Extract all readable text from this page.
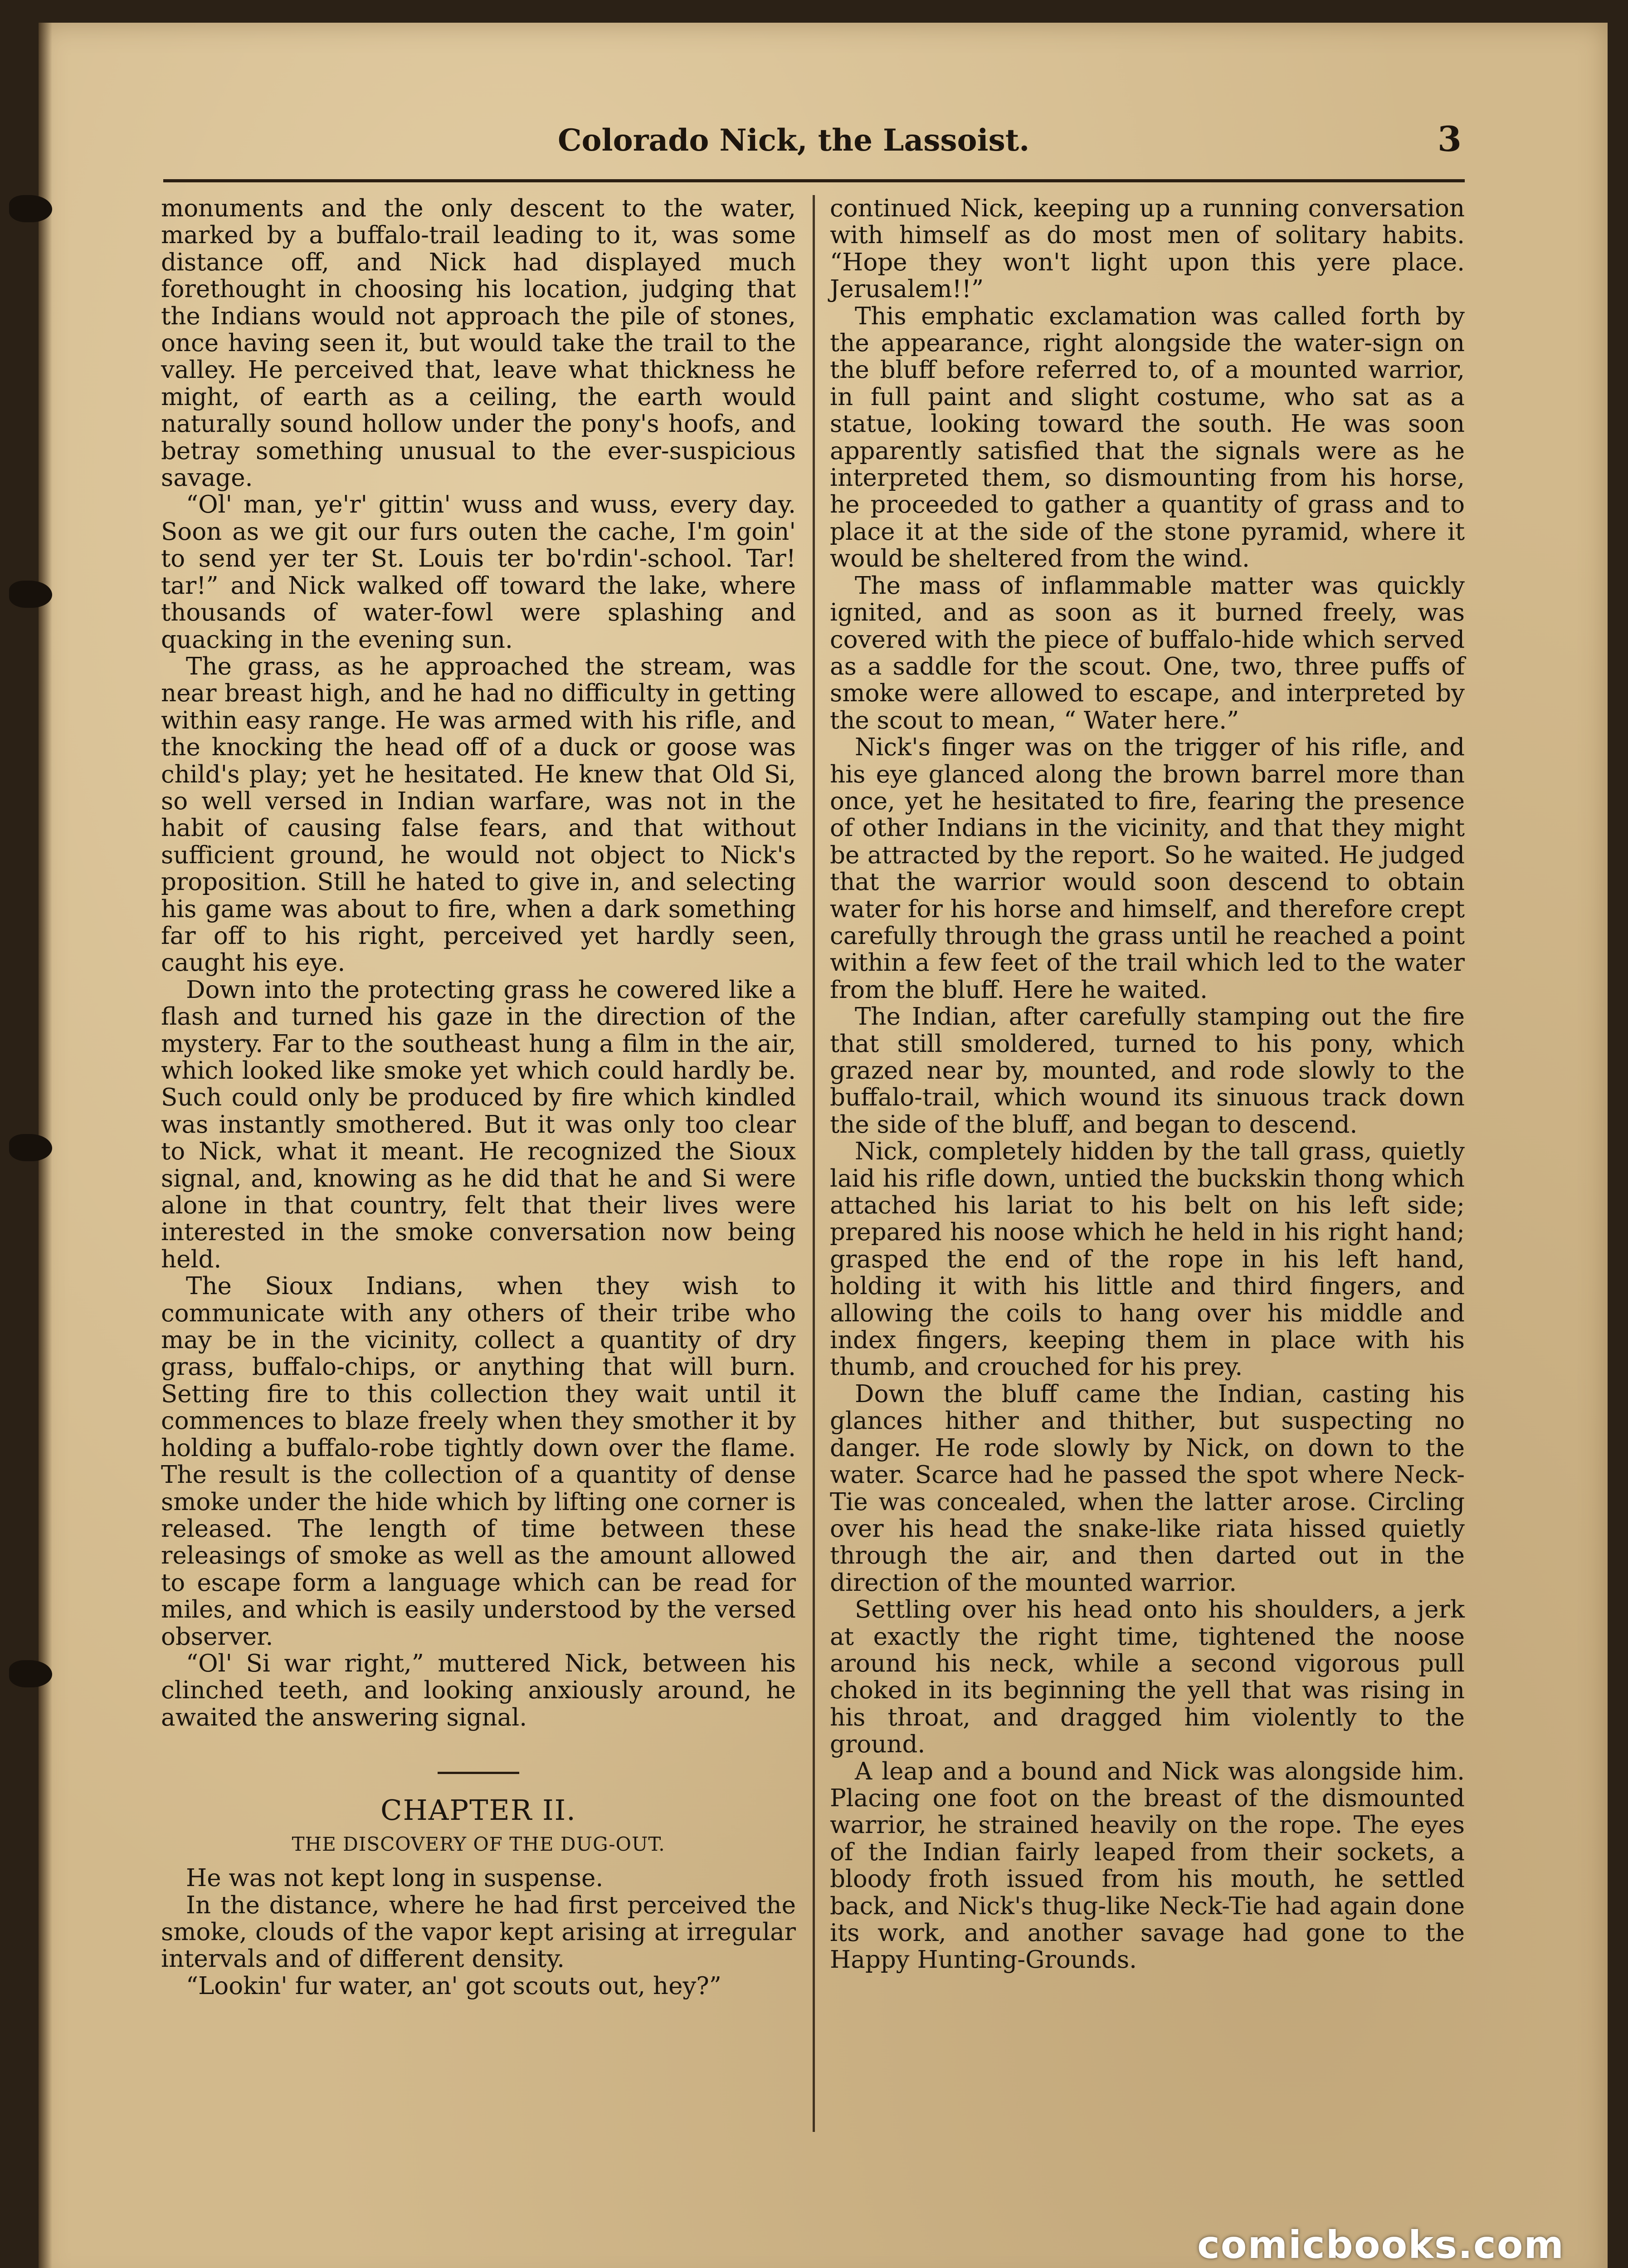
Colorado Nick, the Lassoist.	3

monuments and the only descent to the water, marked by a buffalo-trail leading to it, was some distance off, and Nick had displayed much forethought in choosing his location, judging that the Indians would not approach the pile of stones, once having seen it, but would take the trail to the valley. He perceived that, leave what thickness he might, of earth as a ceiling, the earth would naturally sound hollow under the pony's hoofs, and betray something unusual to the ever-suspicious savage.

“Ol' man, ye'r' gittin' wuss and wuss, every day. Soon as we git our furs outen the cache, I'm goin' to send yer ter St. Louis ter bo'rdin'-school. Tar! tar!” and Nick walked off toward the lake, where thousands of water-fowl were splashing and quacking in the evening sun.

The grass, as he approached the stream, was near breast high, and he had no difficulty in getting within easy range. He was armed with his rifle, and the knocking the head off of a duck or goose was child's play; yet he hesitated. He knew that Old Si, so well versed in Indian warfare, was not in the habit of causing false fears, and that without sufficient ground, he would not object to Nick's proposition. Still he hated to give in, and selecting his game was about to fire, when a dark something far off to his right, perceived yet hardly seen, caught his eye.

Down into the protecting grass he cowered like a flash and turned his gaze in the direction of the mystery. Far to the southeast hung a film in the air, which looked like smoke yet which could hardly be. Such could only be produced by fire which kindled was instantly smothered. But it was only too clear to Nick, what it meant. He recognized the Sioux signal, and, knowing as he did that he and Si were alone in that country, felt that their lives were interested in the smoke conversation now being held.

The Sioux Indians, when they wish to communicate with any others of their tribe who may be in the vicinity, collect a quantity of dry grass, buffalo-chips, or anything that will burn. Setting fire to this collection they wait until it commences to blaze freely when they smother it by holding a buffalo-robe tightly down over the flame. The result is the collection of a quantity of dense smoke under the hide which by lifting one corner is released. The length of time between these releasings of smoke as well as the amount allowed to escape form a language which can be read for miles, and which is easily understood by the versed observer.

“Ol' Si war right,” muttered Nick, between his clinched teeth, and looking anxiously around, he awaited the answering signal.

CHAPTER II.
THE DISCOVERY OF THE DUG-OUT.

He was not kept long in suspense.

In the distance, where he had first perceived the smoke, clouds of the vapor kept arising at irregular intervals and of different density.

“Lookin' fur water, an' got scouts out, hey?”

continued Nick, keeping up a running conversation with himself as do most men of solitary habits. “Hope they won't light upon this yere place. Jerusalem!!”

This emphatic exclamation was called forth by the appearance, right alongside the water-sign on the bluff before referred to, of a mounted warrior, in full paint and slight costume, who sat as a statue, looking toward the south. He was soon apparently satisfied that the signals were as he interpreted them, so dismounting from his horse, he proceeded to gather a quantity of grass and to place it at the side of the stone pyramid, where it would be sheltered from the wind.

The mass of inflammable matter was quickly ignited, and as soon as it burned freely, was covered with the piece of buffalo-hide which served as a saddle for the scout. One, two, three puffs of smoke were allowed to escape, and interpreted by the scout to mean, “ Water here.”

Nick's finger was on the trigger of his rifle, and his eye glanced along the brown barrel more than once, yet he hesitated to fire, fearing the presence of other Indians in the vicinity, and that they might be attracted by the report. So he waited. He judged that the warrior would soon descend to obtain water for his horse and himself, and therefore crept carefully through the grass until he reached a point within a few feet of the trail which led to the water from the bluff. Here he waited.

The Indian, after carefully stamping out the fire that still smoldered, turned to his pony, which grazed near by, mounted, and rode slowly to the buffalo-trail, which wound its sinuous track down the side of the bluff, and began to descend.

Nick, completely hidden by the tall grass, quietly laid his rifle down, untied the buckskin thong which attached his lariat to his belt on his left side; prepared his noose which he held in his right hand; grasped the end of the rope in his left hand, holding it with his little and third fingers, and allowing the coils to hang over his middle and index fingers, keeping them in place with his thumb, and crouched for his prey.

Down the bluff came the Indian, casting his glances hither and thither, but suspecting no danger. He rode slowly by Nick, on down to the water. Scarce had he passed the spot where Neck-Tie was concealed, when the latter arose. Circling over his head the snake-like riata hissed quietly through the air, and then darted out in the direction of the mounted warrior.

Settling over his head onto his shoulders, a jerk at exactly the right time, tightened the noose around his neck, while a second vigorous pull choked in its beginning the yell that was rising in his throat, and dragged him violently to the ground.

A leap and a bound and Nick was alongside him. Placing one foot on the breast of the dismounted warrior, he strained heavily on the rope. The eyes of the Indian fairly leaped from their sockets, a bloody froth issued from his mouth, he settled back, and Nick's thug-like Neck-Tie had again done its work, and another savage had gone to the Happy Hunting-Grounds.

comicbooks.com
